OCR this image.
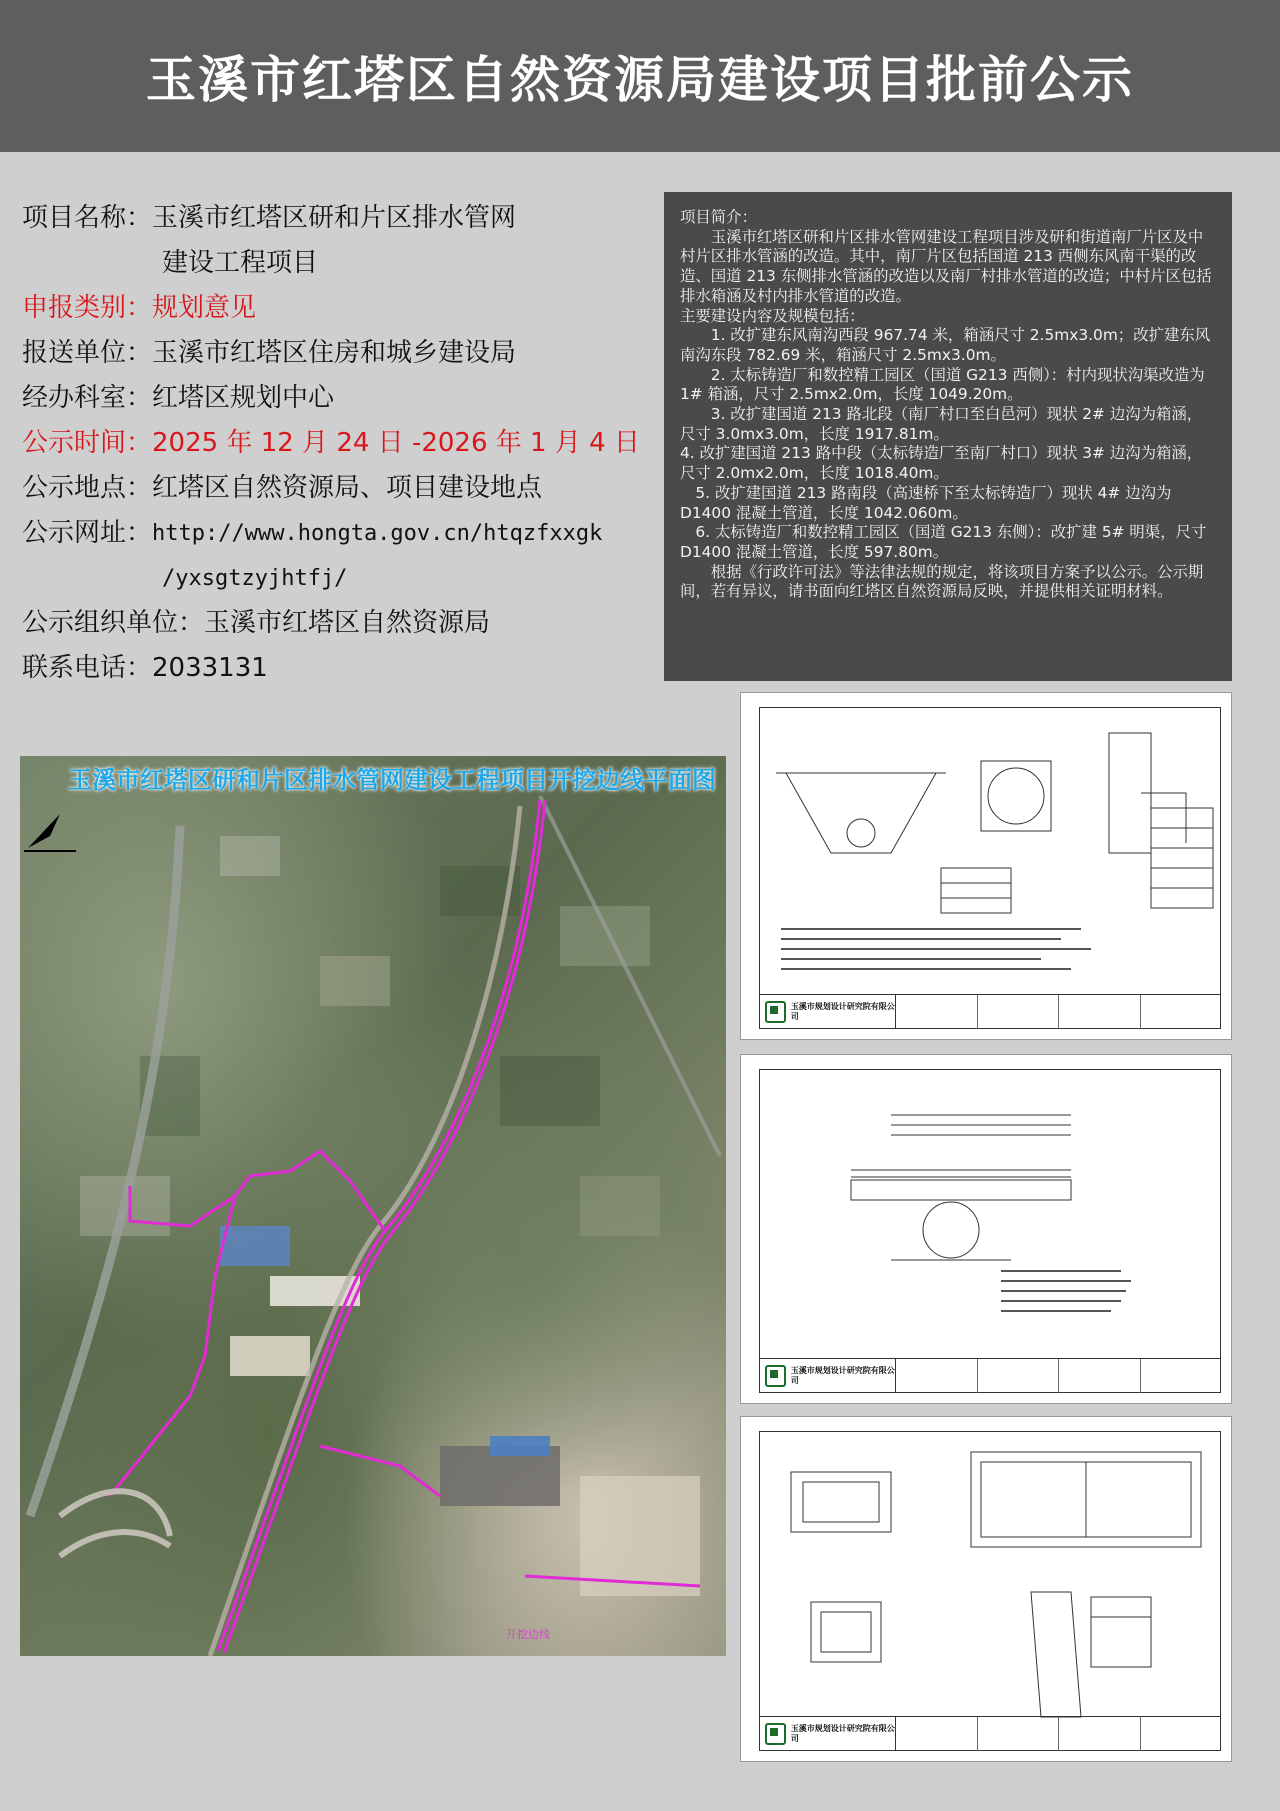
玉溪市红塔区自然资源局建设项目批前公示
项目名称： 玉溪市红塔区研和片区排水管网
建设工程项目
申报类别： 规划意见
报送单位： 玉溪市红塔区住房和城乡建设局
经办科室： 红塔区规划中心
公示时间： 2025 年 12 月 24 日 -2026 年 1 月 4 日
公示地点： 红塔区自然资源局、项目建设地点
公示网址： http://www.hongta.gov.cn/htqzfxxgk
/yxsgtzyjhtfj/
公示组织单位： 玉溪市红塔区自然资源局
联系电话： 2033131

项目简介：

玉溪市红塔区研和片区排水管网建设工程项目涉及研和街道南厂片区及中村片区排水管涵的改造。其中，南厂片区包括国道 213 西侧东风南干渠的改造、国道 213 东侧排水管涵的改造以及南厂村排水管道的改造；中村片区包括排水箱涵及村内排水管道的改造。

主要建设内容及规模包括：

1. 改扩建东风南沟西段 967.74 米，箱涵尺寸 2.5mx3.0m；改扩建东风南沟东段 782.69 米，箱涵尺寸 2.5mx3.0m。

2. 太标铸造厂和数控精工园区（国道 G213 西侧）：村内现状沟渠改造为 1# 箱涵，尺寸 2.5mx2.0m，长度 1049.20m。

3. 改扩建国道 213 路北段（南厂村口至白邑河）现状 2# 边沟为箱涵，尺寸 3.0mx3.0m，长度 1917.81m。

4. 改扩建国道 213 路中段（太标铸造厂至南厂村口）现状 3# 边沟为箱涵，尺寸 2.0mx2.0m，长度 1018.40m。

5. 改扩建国道 213 路南段（高速桥下至太标铸造厂）现状 4# 边沟为 D1400 混凝土管道，长度 1042.060m。

6. 太标铸造厂和数控精工园区（国道 G213 东侧）：改扩建 5# 明渠，尺寸 D1400 混凝土管道，长度 597.80m。

根据《行政许可法》等法律法规的规定，将该项目方案予以公示。公示期间，若有异议，请书面向红塔区自然资源局反映，并提供相关证明材料。

玉溪市红塔区研和片区排水管网建设工程项目开挖边线平面图
开挖边线
玉溪市规划设计研究院有限公司
玉溪市规划设计研究院有限公司
玉溪市规划设计研究院有限公司
